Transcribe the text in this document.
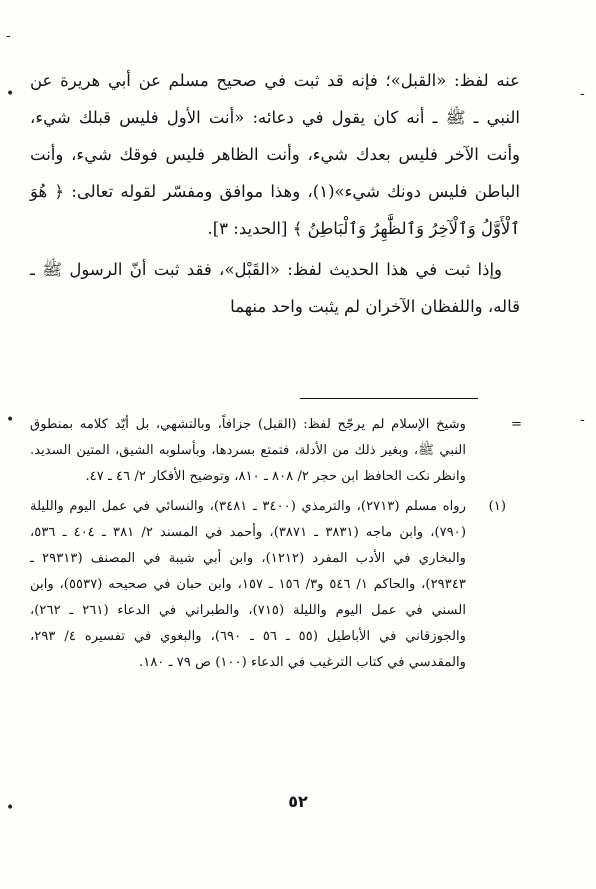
-
•
•
•
-
-

عنه لفظ: «القبل»؛ فإنه قد ثبت في صحيح مسلم عن أبي هريرة عن النبي ـ ﷺ ـ أنه كان يقول في دعائه: «أنت الأول فليس قبلك شيء، وأنت الآخر فليس بعدك شيء، وأنت الظاهر فليس فوقك شيء، وأنت الباطن فليس دونك شيء»(١)، وهذا موافق ومفسّر لقوله تعالى: ﴿ هُوَ ٱلْأَوَّلُ وَٱلْآخِرُ وَٱلظَّٰهِرُ وَٱلْبَاطِنُ ﴾ [الحديد: ٣].

وإذا ثبت في هذا الحديث لفظ: «القَبْل»، فقد ثبت أنّ الرسول ﷺ ـ قاله، واللفظان الآخران لم يثبت واحد منهما

=
وشيخ الإسلام لم يرجّح لفظ: (القبل) جزافاً، وبالتشهي، بل أيّد كلامه بمنطوق النبي ﷺ، وبغير ذلك من الأدلة، فتمتع بسردها، وبأسلوبه الشيق، المتين السديد. وانظر نكت الحافظ ابن حجر ٢/ ٨٠٨ ـ ٨١٠، وتوضيح الأفكار ٢/ ٤٦ ـ ٤٧.
(١)
رواه مسلم (٢٧١٣)، والترمذي (٣٤٠٠ ـ ٣٤٨١)، والنسائي في عمل اليوم والليلة (٧٩٠)، وابن ماجه (٣٨٣١ ـ ٣٨٧١)، وأحمد في المسند ٢/ ٣٨١ ـ ٤٠٤ ـ ٥٣٦، والبخاري في الأدب المفرد (١٢١٢)، وابن أبي شيبة في المصنف (٢٩٣١٣ ـ ٢٩٣٤٣)، والحاكم ١/ ٥٤٦ و٣/ ١٥٦ ـ ١٥٧، وابن حبان في صحيحه (٥٥٣٧)، وابن السني في عمل اليوم والليلة (٧١٥)، والطبراني في الدعاء (٢٦١ ـ ٢٦٢)، والجوزقاني في الأباطيل (٥٥ ـ ٥٦ ـ ٦٩٠)، والبغوي في تفسيره ٤/ ٢٩٣، والمقدسي في كتاب الترغيب في الدعاء (١٠٠) ص ٧٩ ـ ١٨٠.
٥٢
